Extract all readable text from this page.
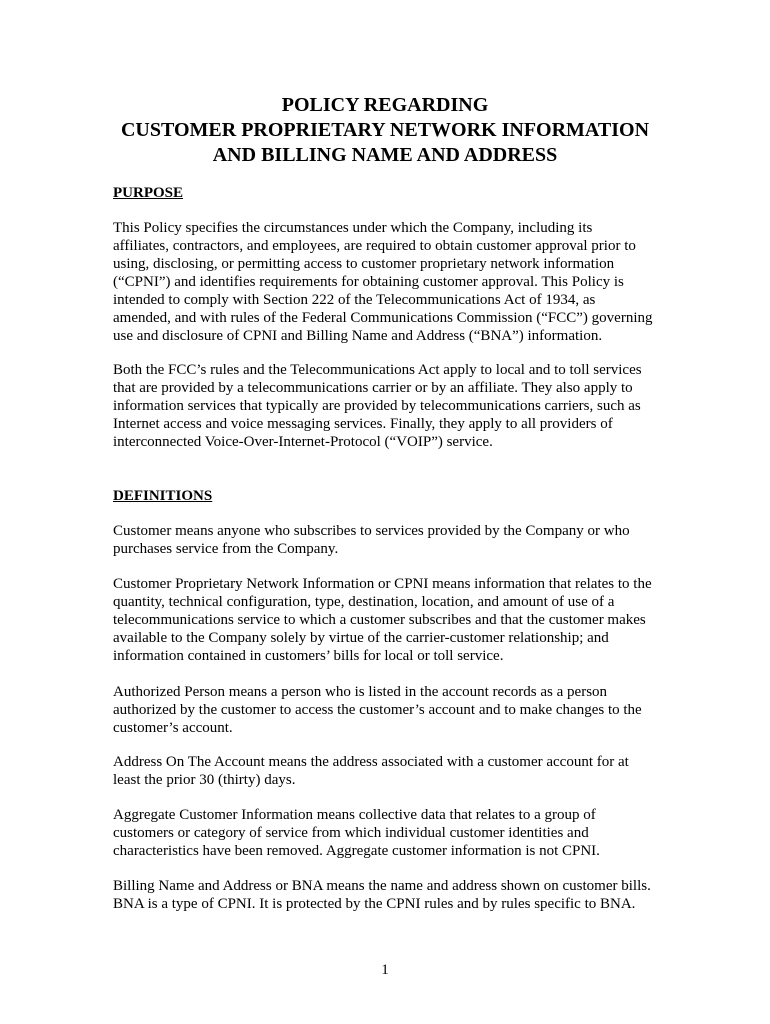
POLICY REGARDING
CUSTOMER PROPRIETARY NETWORK INFORMATION
AND BILLING NAME AND ADDRESS
PURPOSE
This Policy specifies the circumstances under which the Company, including its
affiliates, contractors, and employees, are required to obtain customer approval prior to
using, disclosing, or permitting access to customer proprietary network information
(“CPNI”) and identifies requirements for obtaining customer approval. This Policy is
intended to comply with Section 222 of the Telecommunications Act of 1934, as
amended, and with rules of the Federal Communications Commission (“FCC”) governing
use and disclosure of CPNI and Billing Name and Address (“BNA”) information.
Both the FCC’s rules and the Telecommunications Act apply to local and to toll services
that are provided by a telecommunications carrier or by an affiliate. They also apply to
information services that typically are provided by telecommunications carriers, such as
Internet access and voice messaging services. Finally, they apply to all providers of
interconnected Voice-Over-Internet-Protocol (“VOIP”) service.
DEFINITIONS
Customer means anyone who subscribes to services provided by the Company or who
purchases service from the Company.
Customer Proprietary Network Information or CPNI means information that relates to the
quantity, technical configuration, type, destination, location, and amount of use of a
telecommunications service to which a customer subscribes and that the customer makes
available to the Company solely by virtue of the carrier-customer relationship; and
information contained in customers’ bills for local or toll service.
Authorized Person means a person who is listed in the account records as a person
authorized by the customer to access the customer’s account and to make changes to the
customer’s account.
Address On The Account means the address associated with a customer account for at
least the prior 30 (thirty) days.
Aggregate Customer Information means collective data that relates to a group of
customers or category of service from which individual customer identities and
characteristics have been removed. Aggregate customer information is not CPNI.
Billing Name and Address or BNA means the name and address shown on customer bills.
BNA is a type of CPNI. It is protected by the CPNI rules and by rules specific to BNA.
1
